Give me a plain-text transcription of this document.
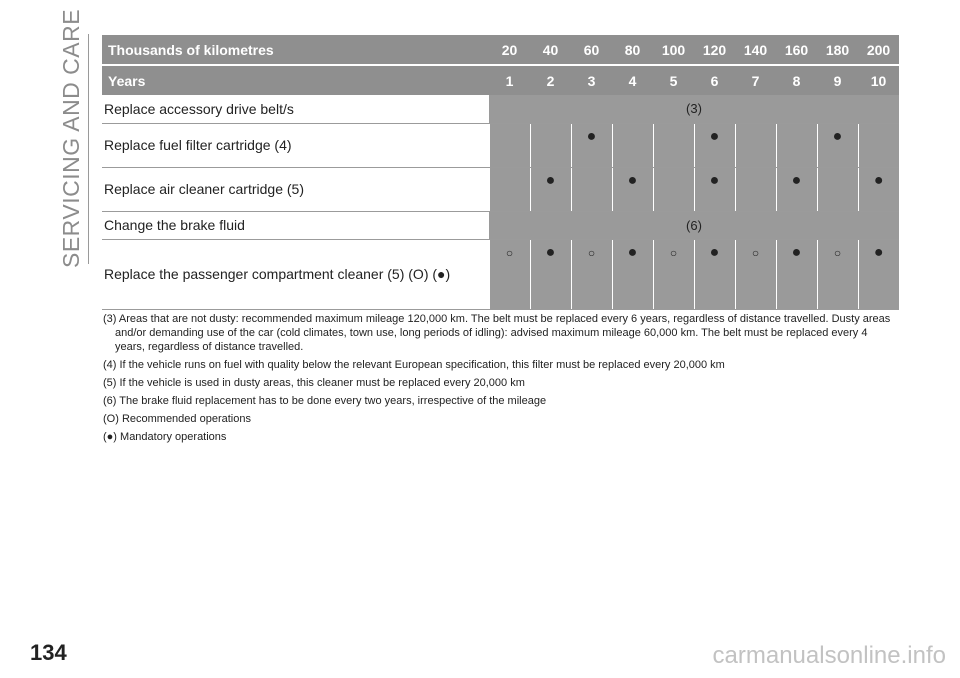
SERVICING AND CARE Thousands of kilometres	20	40	60	80	100	120	140	160	180	200
Years	1	2	3	4	5	6	7	8	9	10
Replace accessory drive belt/s	(3)									
Replace fuel filter cartridge (4)			●			●			●	
Replace air cleaner cartridge (5)		●		●		●		●		●
Change the brake fluid	(6)									
Replace the passenger compartment cleaner (5) (O) (●)	○	●	○	●	○	●	○	●	○	●
(3) Areas that are not dusty: recommended maximum mileage 120,000 km. The belt must be replaced every 6 years, regardless of distance travelled. Dusty areas
and/or demanding use of the car (cold climates, town use, long periods of idling): advised maximum mileage 60,000 km. The belt must be replaced every 4 years, regardless of distance travelled.
(4) If the vehicle runs on fuel with quality below the relevant European specification, this filter must be replaced every 20,000 km
(5) If the vehicle is used in dusty areas, this cleaner must be replaced every 20,000 km
(6) The brake fluid replacement has to be done every two years, irrespective of the mileage
(O) Recommended operations
(●) Mandatory operations
134	carmanualsonline.info
